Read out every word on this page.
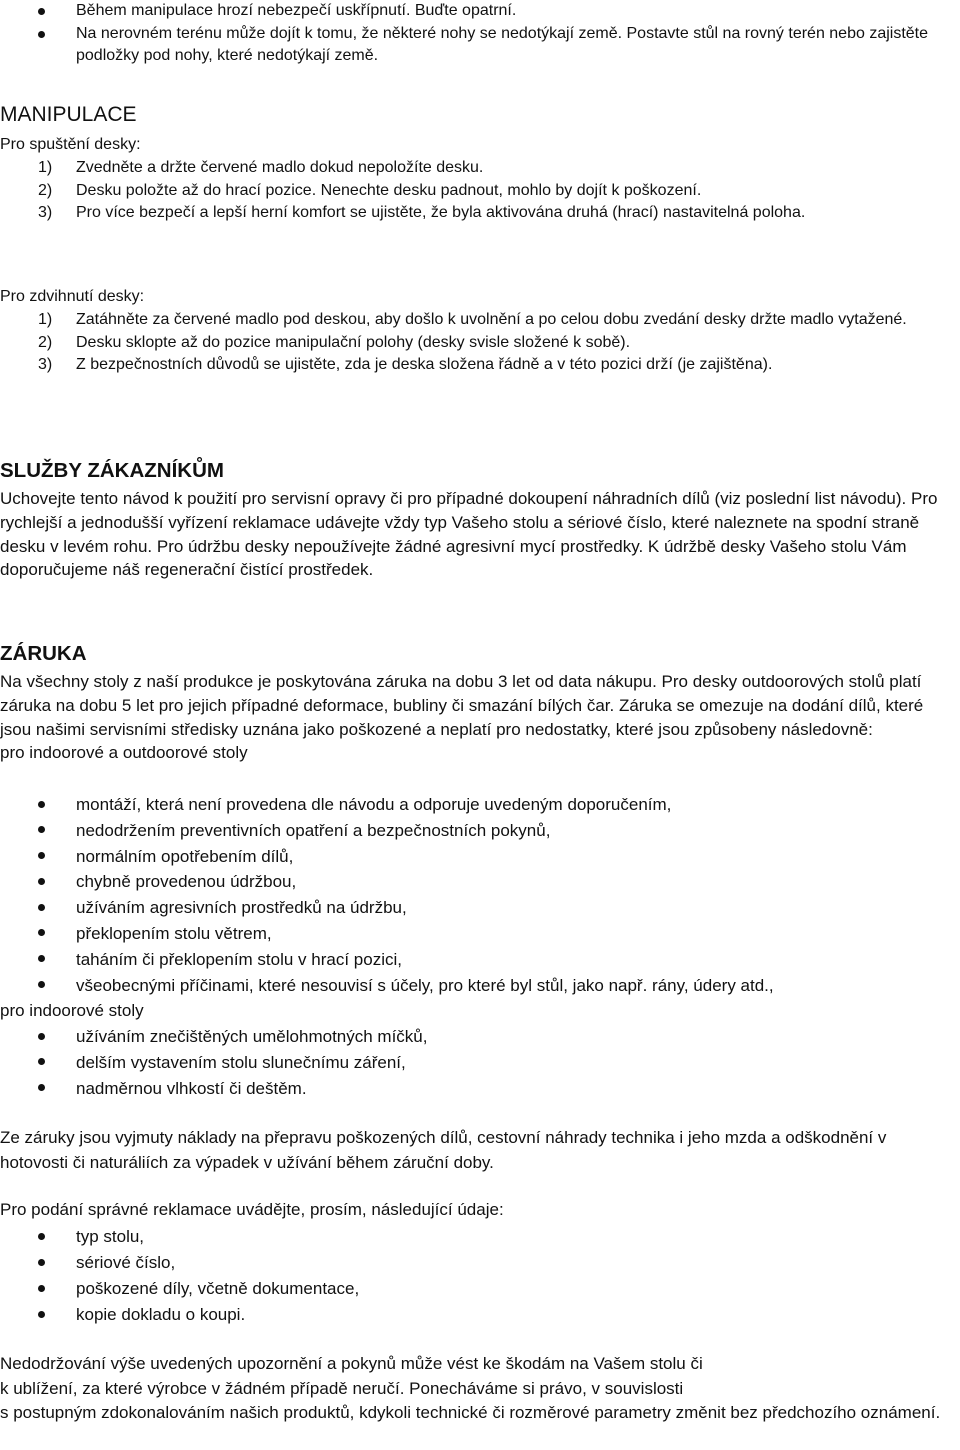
Během manipulace hrozí nebezpečí uskřípnutí. Buďte opatrní.
Na nerovném terénu může dojít k tomu, že některé nohy se nedotýkají země. Postavte stůl na rovný terén nebo zajistěte podložky pod nohy, které nedotýkají země.
MANIPULACE
Pro spuštění desky:
1) Zvedněte a držte červené madlo dokud nepoložíte desku.
2) Desku položte až do hrací pozice. Nenechte desku padnout, mohlo by dojít k poškození.
3) Pro více bezpečí a lepší herní komfort se ujistěte, že byla aktivována druhá (hrací) nastavitelná poloha.
Pro zdvihnutí desky:
1) Zatáhněte za červené madlo pod deskou, aby došlo k uvolnění a po celou dobu zvedání desky držte madlo vytažené.
2) Desku sklopte až do pozice manipulační polohy (desky svisle složené k sobě).
3) Z bezpečnostních důvodů se ujistěte, zda je deska složena řádně a v této pozici drží (je zajištěna).
SLUŽBY ZÁKAZNÍKŮM

Uchovejte tento návod k použití pro servisní opravy či pro případné dokoupení náhradních dílů (viz poslední list návodu). Pro rychlejší a jednodušší vyřízení reklamace udávejte vždy typ Vašeho stolu a sériové číslo, které naleznete na spodní straně desku v levém rohu. Pro údržbu desky nepoužívejte žádné agresivní mycí prostředky. K údržbě desky Vašeho stolu Vám doporučujeme náš regenerační čistící prostředek.

ZÁRUKA

Na všechny stoly z naší produkce je poskytována záruka na dobu 3 let od data nákupu. Pro desky outdoorových stolů platí záruka na dobu 5 let pro jejich případné deformace, bubliny či smazání bílých čar. Záruka se omezuje na dodání dílů, které jsou našimi servisními středisky uznána jako poškozené a neplatí pro nedostatky, které jsou způsobeny následovně:

pro indoorové a outdoorové stoly

montáží, která není provedena dle návodu a odporuje uvedeným doporučením,
nedodržením preventivních opatření a bezpečnostních pokynů,
normálním opotřebením dílů,
chybně provedenou údržbou,
užíváním agresivních prostředků na údržbu,
překlopením stolu větrem,
taháním či překlopením stolu v hrací pozici,
všeobecnými příčinami, které nesouvisí s účely, pro které byl stůl, jako např. rány, údery atd.,
pro indoorové stoly
užíváním znečištěných umělohmotných míčků,
delším vystavením stolu slunečnímu záření,
nadměrnou vlhkostí či deštěm.

Ze záruky jsou vyjmuty náklady na přepravu poškozených dílů, cestovní náhrady technika i jeho mzda a odškodnění v hotovosti či naturáliích za výpadek v užívání během záruční doby.

Pro podání správné reklamace uvádějte, prosím, následující údaje:
typ stolu,
sériové číslo,
poškozené díly, včetně dokumentace,
kopie dokladu o koupi.
Nedodržování výše uvedených upozornění a pokynů může vést ke škodám na Vašem stolu či
k ublížení, za které výrobce v žádném případě neručí. Ponecháváme si právo, v souvislosti
s postupným zdokonalováním našich produktů, kdykoli technické či rozměrové parametry změnit bez předchozího oznámení.
